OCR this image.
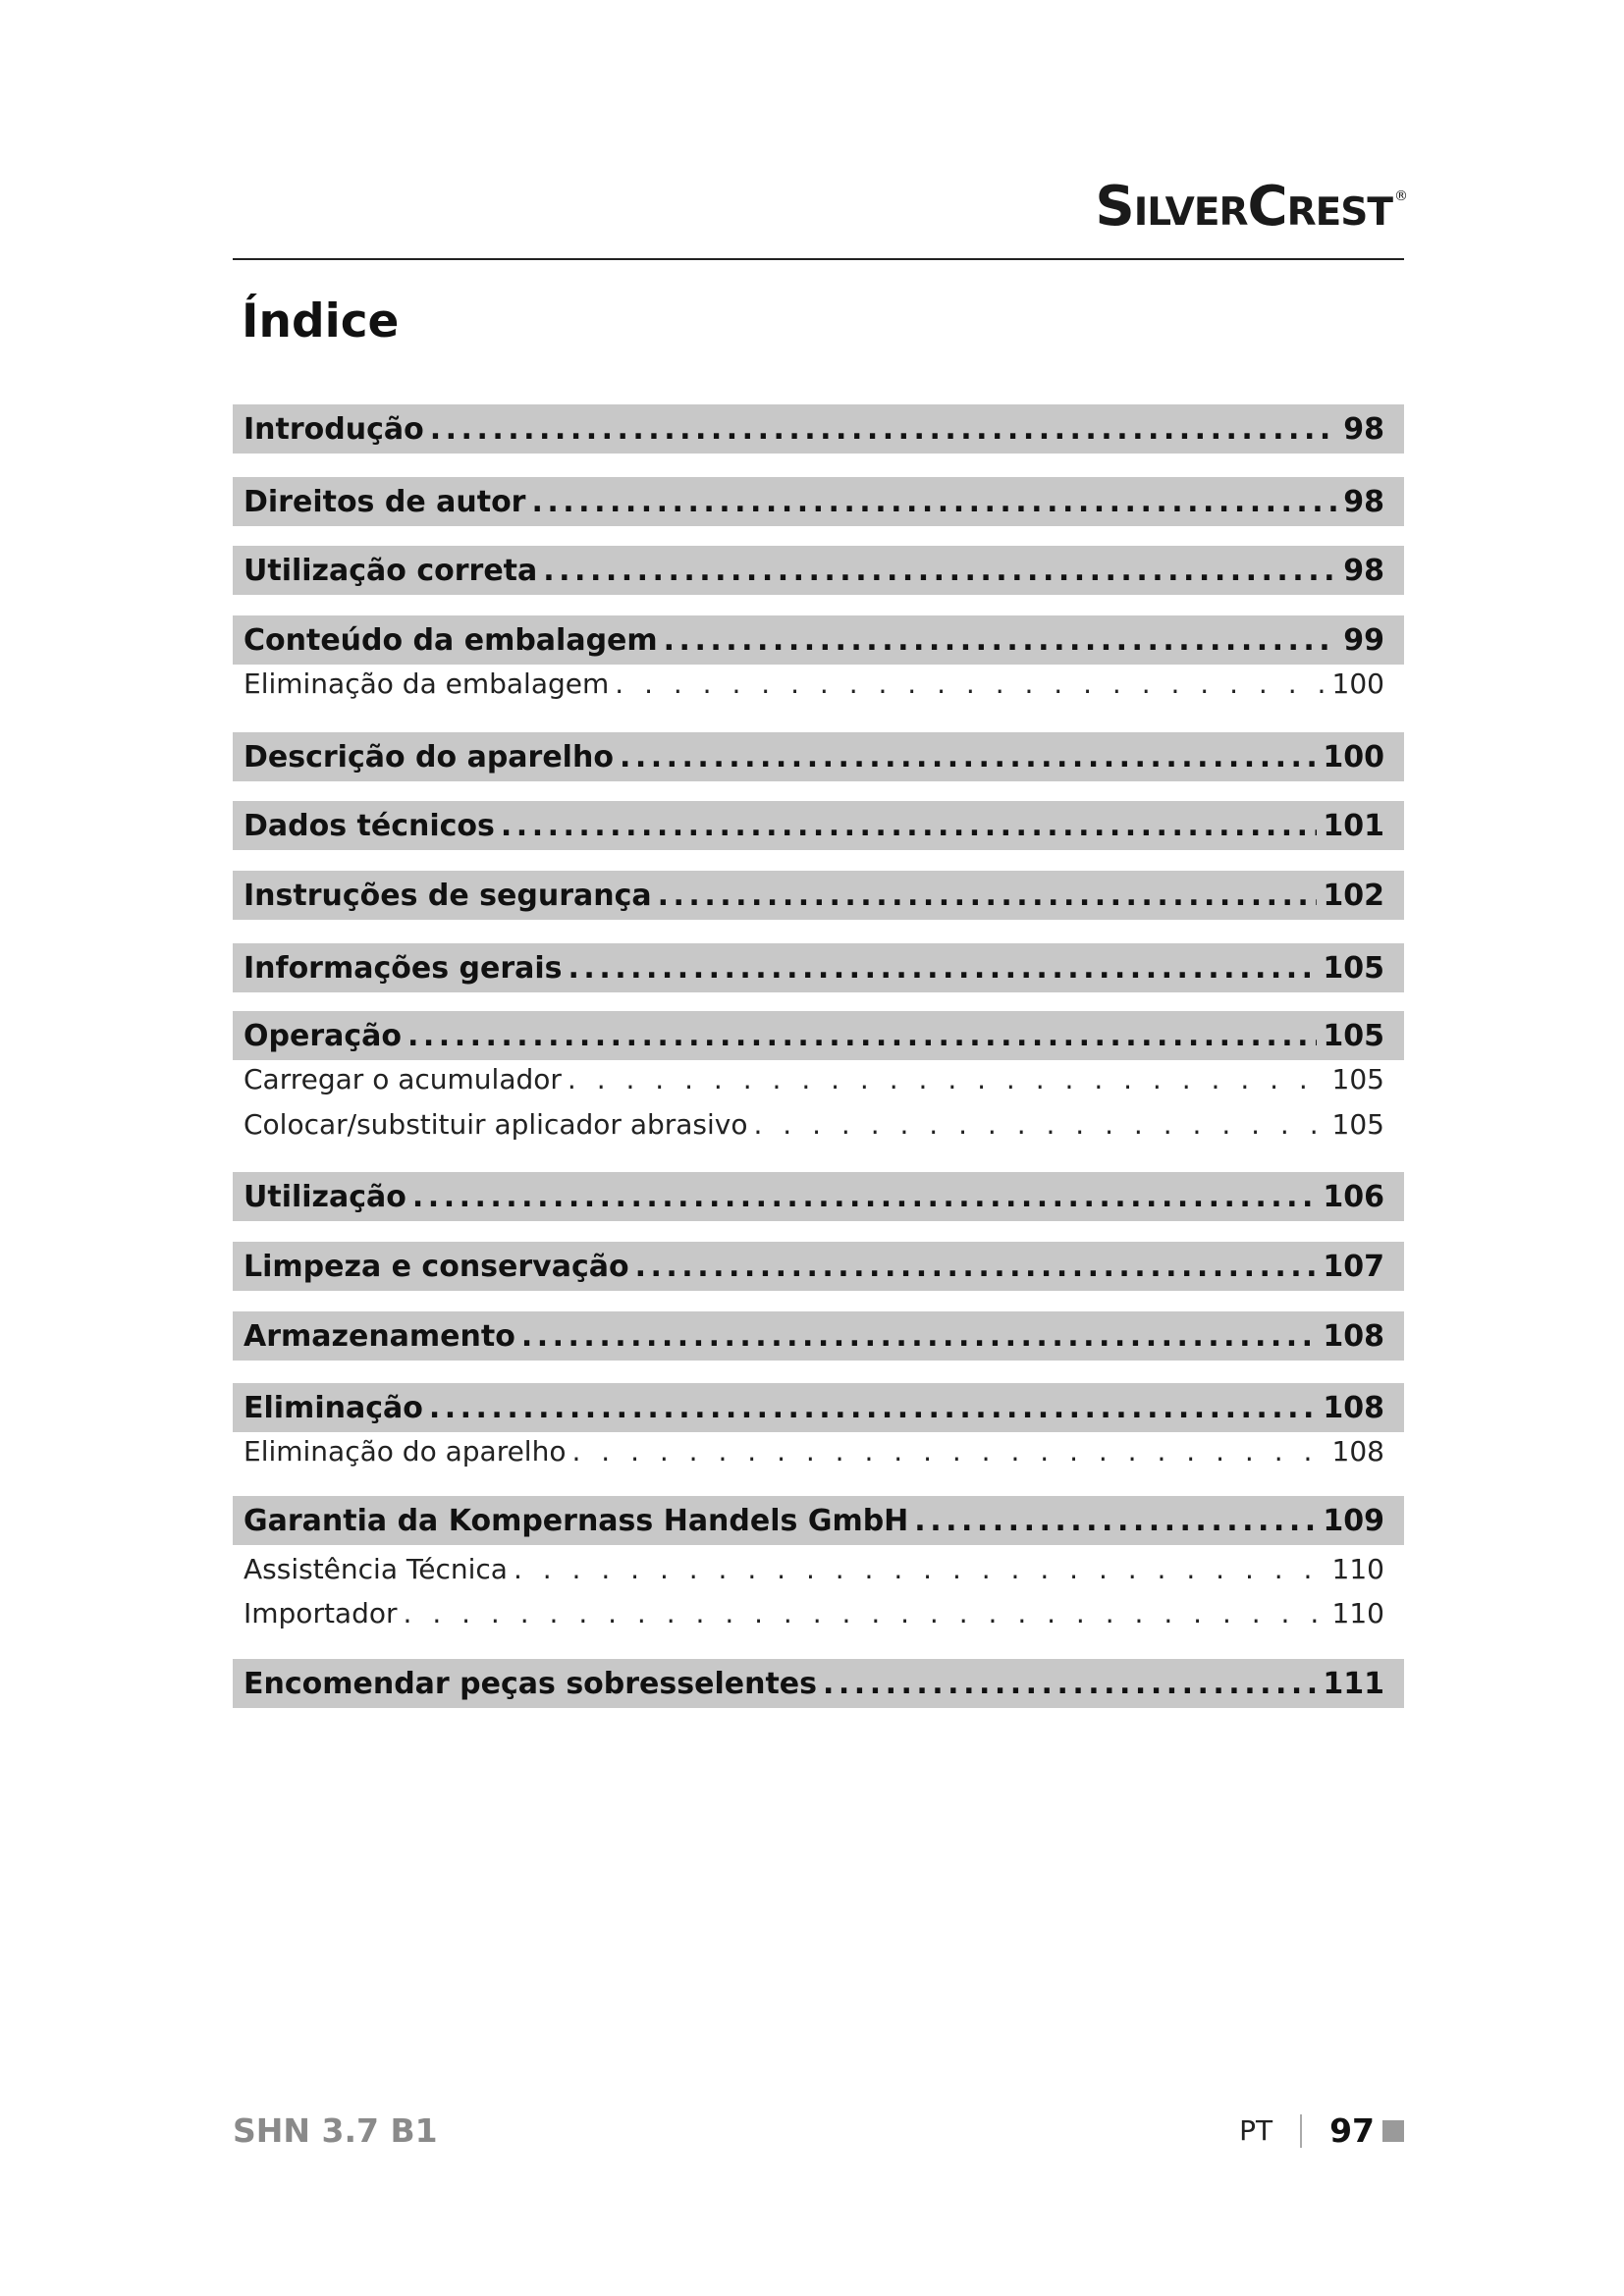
SilverCrest ®
Índice
Introdução .....	98
Direitos de autor .....	98
Utilização correta .....	98
Conteúdo da embalagem .....	99
Eliminação da embalagem . . .	100
Descrição do aparelho .....	100
Dados técnicos .....	101
Instruções de segurança .....	102
Informações gerais .....	105
Operação .....	105
Carregar o acumulador . . .	105
Colocar/substituir aplicador abrasivo . . .	105
Utilização .....	106
Limpeza e conservação .....	107
Armazenamento .....	108
Eliminação .....	108
Eliminação do aparelho . . .	108
Garantia da Kompernass Handels GmbH .....	109
Assistência Técnica . . .	110
Importador . . .	110
Encomendar peças sobresselentes .....	111
SHN 3.7 B1	PT 97
